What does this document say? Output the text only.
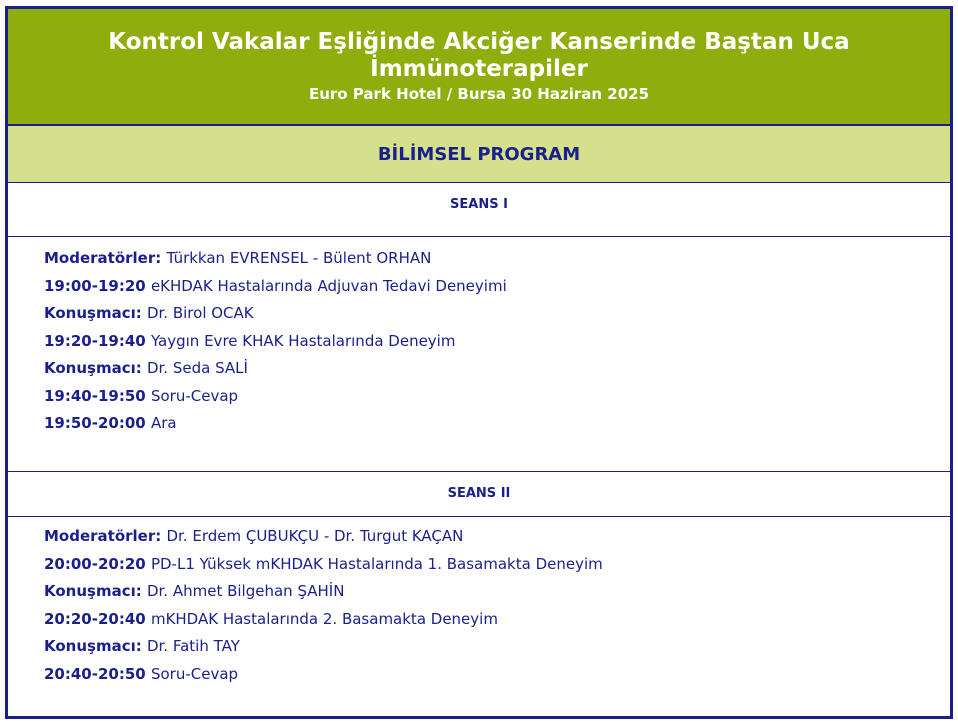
Kontrol Vakalar Eşliğinde Akciğer Kanserinde Baştan Uca İmmünoterapiler
Euro Park Hotel / Bursa 30 Haziran 2025
BİLİMSEL PROGRAM
SEANS I
Moderatörler: Türkkan EVRENSEL - Bülent ORHAN
19:00-19:20 eKHDAK Hastalarında Adjuvan Tedavi Deneyimi
Konuşmacı: Dr. Birol OCAK
19:20-19:40 Yaygın Evre KHAK Hastalarında Deneyim
Konuşmacı: Dr. Seda SALİ
19:40-19:50 Soru-Cevap
19:50-20:00 Ara
SEANS II
Moderatörler: Dr. Erdem ÇUBUKÇU - Dr. Turgut KAÇAN
20:00-20:20 PD-L1 Yüksek mKHDAK Hastalarında 1. Basamakta Deneyim
Konuşmacı: Dr. Ahmet Bilgehan ŞAHİN
20:20-20:40 mKHDAK Hastalarında 2. Basamakta Deneyim
Konuşmacı: Dr. Fatih TAY
20:40-20:50 Soru-Cevap
